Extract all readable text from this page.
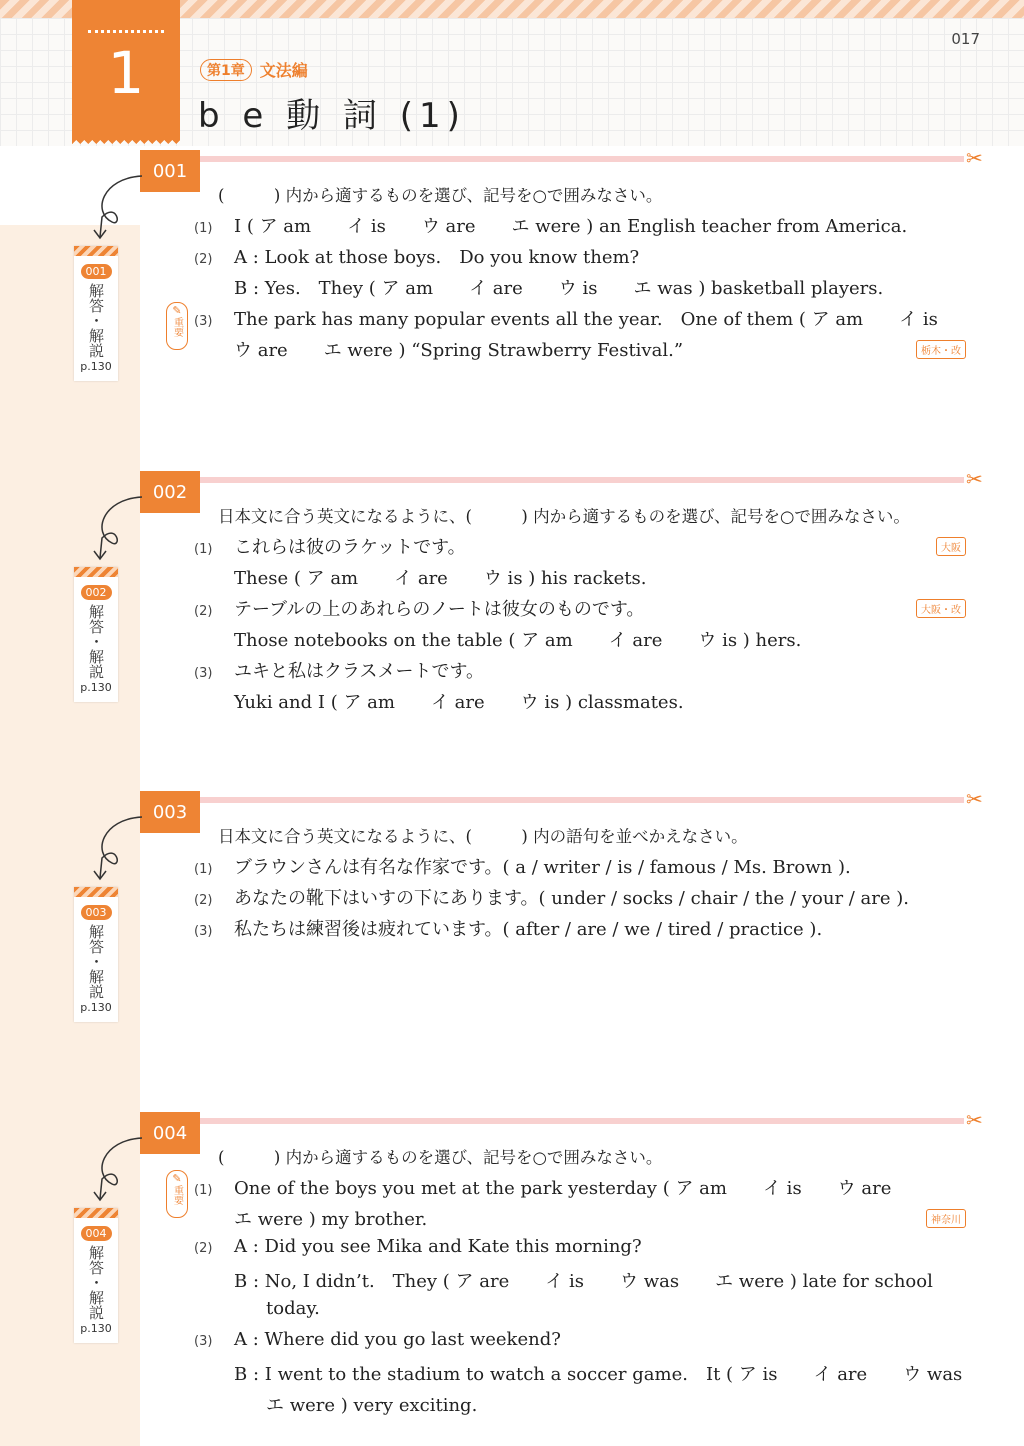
017
1	第1章 文法編
b e 動 詞 (1)
001
✂
001
解答・解説
p.130
(　　　) 内から適するものを選び、記号を○で囲みなさい。
(1) I ( ア am　　イ is　　ウ are　　エ were ) an English teacher from America.
(2) A : Look at those boys.　Do you know them?
B : Yes.　They ( ア am　　イ are　　ウ is　　エ was ) basketball players.
✎
重要 (3) The park has many popular events all the year.　One of them ( ア am　　イ is
ウ are　　エ were ) “Spring Strawberry Festival.”	栃木・改
002
✂
002
解答・解説
p.130
日本文に合う英文になるように、(　　　) 内から適するものを選び、記号を○で囲みなさい。
(1) これらは彼のラケットです。	大阪
These ( ア am　　イ are　　ウ is ) his rackets.
(2) テーブルの上のあれらのノートは彼女のものです。	大阪・改
Those notebooks on the table ( ア am　　イ are　　ウ is ) hers.
(3) ユキと私はクラスメートです。
Yuki and I ( ア am　　イ are　　ウ is ) classmates.
003
✂
003
解答・解説
p.130
日本文に合う英文になるように、(　　　) 内の語句を並べかえなさい。
(1) ブラウンさんは有名な作家です。( a / writer / is / famous / Ms. Brown ).
(2) あなたの靴下はいすの下にあります。( under / socks / chair / the / your / are ).
(3) 私たちは練習後は疲れています。( after / are / we / tired / practice ).
004
✂
004
解答・解説
p.130
(　　　) 内から適するものを選び、記号を○で囲みなさい。
✎
重要 (1) One of the boys you met at the park yesterday ( ア am　　イ is　　ウ are
エ were ) my brother.	神奈川
(2) A : Did you see Mika and Kate this morning?
B : No, I didn’t.　They ( ア are　　イ is　　ウ was　　エ were ) late for school
today.
(3) A : Where did you go last weekend?
B : I went to the stadium to watch a soccer game.　It ( ア is　　イ are　　ウ was
エ were ) very exciting.
